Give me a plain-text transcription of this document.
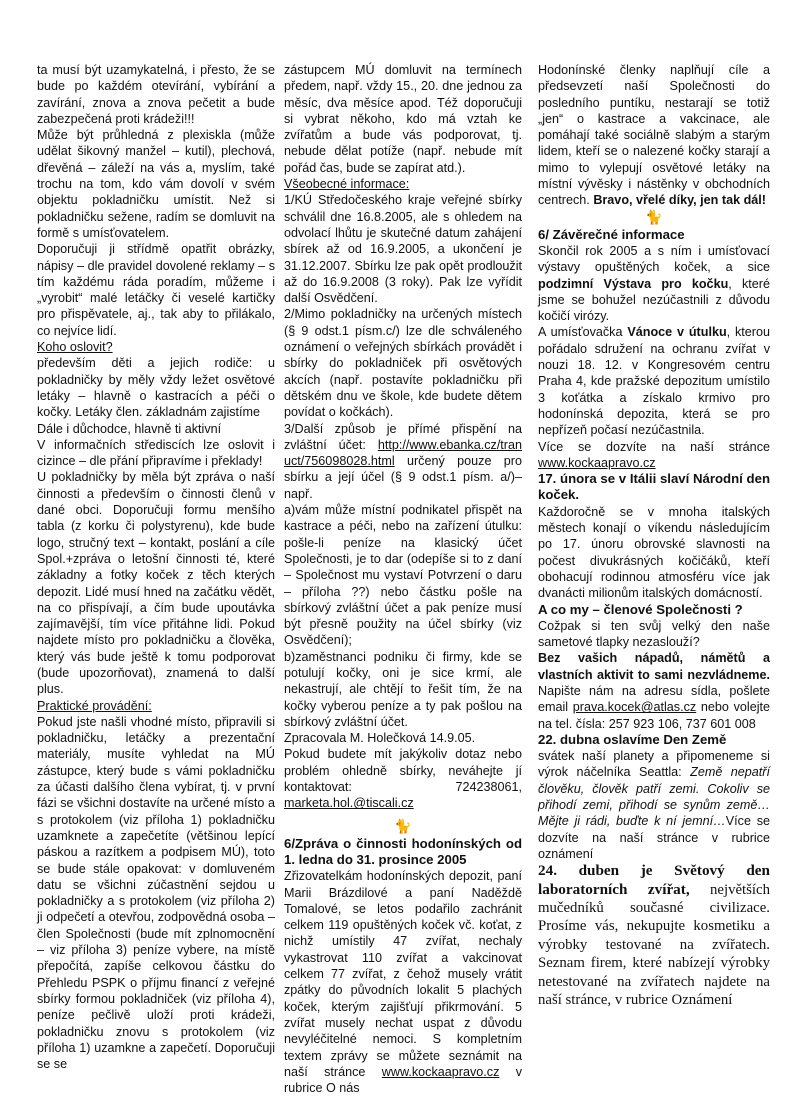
ta musí být uzamykatelná, i přesto, že se bude po každém otevírání, vybírání a zavírání, znova a znova pečetit a bude zabezpečená proti krádeži!!!

Může být průhledná z plexiskla (může udělat šikovný manžel – kutil), plechová, dřevěná – záleží na vás a, myslím, také trochu na tom, kdo vám dovolí v svém objektu pokladničku umístit. Než si pokladničku sežene, radím se domluvit na formě s umísťovatelem.

Doporučuji ji střídmě opatřit obrázky, nápisy – dle pravidel dovolené reklamy – s tím každému ráda poradím, můžeme i „vyrobit“ malé letáčky či veselé kartičky pro přispěvatele, aj., tak aby to přilákalo, co nejvíce lidí.

Koho oslovit?

především děti a jejich rodiče: u pokladničky by měly vždy ležet osvětové letáky – hlavně o kastracích a péči o kočky. Letáky člen. základnám zajistíme

Dále i důchodce, hlavně ti aktivní

V informačních střediscích lze oslovit i cizince – dle přání připravíme i překlady!

U pokladničky by měla být zpráva o naší činnosti a především o činnosti členů v dané obci. Doporučuji formu menšího tabla (z korku či polystyrenu), kde bude logo, stručný text – kontakt, poslání a cíle Spol.+zpráva o letošní činnosti té, které základny a fotky koček z těch kterých depozit. Lidé musí hned na začátku vědět, na co přispívají, a čím bude upoutávka zajímavější, tím více přitáhne lidi. Pokud najdete místo pro pokladničku a člověka, který vás bude ještě k tomu podporovat (bude upozorňovat), znamená to další plus.

Praktické provádění:

Pokud jste našli vhodné místo, připravili si pokladničku, letáčky a prezentační materiály, musíte vyhledat na MÚ zástupce, který bude s vámi pokladničku za účasti dalšího člena vybírat, tj. v první fázi se všichni dostavíte na určené místo a s protokolem (viz příloha 1) pokladničku uzamknete a zapečetíte (většinou lepící páskou a razítkem a podpisem MÚ), toto se bude stále opakovat: v domluveném datu se všichni zúčastnění sejdou u pokladničky a s protokolem (viz příloha 2) ji odpečetí a otevřou, zodpovědná osoba – člen Společnosti (bude mít zplnomocnění – viz příloha 3) peníze vybere, na místě přepočítá, zapíše celkovou částku do Přehledu PSPK o příjmu financí z veřejné sbírky formou pokladniček (viz příloha 4), peníze pečlivě uloží proti krádeži, pokladničku znovu s protokolem (viz příloha 1) uzamkne a zapečetí. Doporučuji se se

zástupcem MÚ domluvit na termínech předem, např. vždy 15., 20. dne jednou za měsíc, dva měsíce apod. Též doporučuji si vybrat někoho, kdo má vztah ke zvířatům a bude vás podporovat, tj. nebude dělat potíže (např. nebude mít pořád čas, bude se zapírat atd.).

Všeobecné informace:

1/KÚ Středočeského kraje veřejné sbírky schválil dne 16.8.2005, ale s ohledem na odvolací lhůtu je skutečné datum zahájení sbírek až od 16.9.2005, a ukončení je 31.12.2007. Sbírku lze pak opět prodloužit až do 16.9.2008 (3 roky). Pak lze vyřídit další Osvědčení.

2/Mimo pokladničky na určených místech (§ 9 odst.1 písm.c/) lze dle schváleného oznámení o veřejných sbírkách provádět i sbírky do pokladniček při osvětových akcích (např. postavíte pokladničku při dětském dnu ve škole, kde budete dětem povídat o kočkách).

3/Další způsob je přímé přispění na zvláštní účet: http://www.ebanka.cz/tran uct/756098028.html určený pouze pro sbírku a její účel (§ 9 odst.1 písm. a/)– např.

a)vám může místní podnikatel přispět na kastrace a péči, nebo na zařízení útulku: pošle-li peníze na klasický účet Společnosti, je to dar (odepíše si to z daní – Společnost mu vystaví Potvrzení o daru – příloha ??) nebo částku pošle na sbírkový zvláštní účet a pak peníze musí být přesně použity na účel sbírky (viz Osvědčení);

b)zaměstnanci podniku či firmy, kde se potulují kočky, oni je sice krmí, ale nekastrují, ale chtějí to řešit tím, že na kočky vyberou peníze a ty pak pošlou na sbírkový zvláštní účet.

Zpracovala M. Holečková 14.9.05.

Pokud budete mít jakýkoliv dotaz nebo problém ohledně sbírky, neváhejte jí kontaktovat: 724238061, marketa.hol.@tiscali.cz

🐈

6/Zpráva o činnosti hodonínských od 1. ledna do 31. prosince 2005

Zřizovatelkám hodonínských depozit, paní Marii Brázdilové a paní Naděždě Tomalové, se letos podařilo zachránit celkem 119 opuštěných koček vč. koťat, z nichž umístily 47 zvířat, nechaly vykastrovat 110 zvířat a vakcinovat celkem 77 zvířat, z čehož musely vrátit zpátky do původních lokalit 5 plachých koček, kterým zajišťují přikrmování. 5 zvířat musely nechat uspat z důvodu nevyléčitelné nemoci. S kompletním textem zprávy se můžete seznámit na naší stránce www.kockaapravo.cz v rubrice O nás

Hodonínské členky naplňují cíle a předsevzetí naší Společnosti do posledního puntíku, nestarají se totiž „jen“ o kastrace a vakcinace, ale pomáhají také sociálně slabým a starým lidem, kteří se o nalezené kočky starají a mimo to vylepují osvětové letáky na místní vývěsky i nástěnky v obchodních centrech. Bravo, vřelé díky, jen tak dál!

🐈

6/ Závěrečné informace

Skončil rok 2005 a s ním i umísťovací výstavy opuštěných koček, a sice podzimní Výstava pro kočku, které jsme se bohužel nezúčastnili z důvodu kočičí virózy.

A umísťovačka Vánoce v útulku, kterou pořádalo sdružení na ochranu zvířat v nouzi 18. 12. v Kongresovém centru Praha 4, kde pražské depozitum umístilo 3 koťátka a získalo krmivo pro hodonínská depozita, která se pro nepřízeň počasí nezúčastnila.

Více se dozvíte na naší stránce www.kockaapravo.cz

17. února se v Itálii slaví Národní den koček.

Každoročně se v mnoha italských městech konají o víkendu následujícím po 17. únoru obrovské slavnosti na počest divukrásných kočičáků, kteří obohacují rodinnou atmosféru více jak dvanácti milionům italských domácností.

A co my – členové Společnosti ?

Cožpak si ten svůj velký den naše sametové tlapky nezaslouží?

Bez vašich nápadů, námětů a vlastních aktivit to sami nezvládneme. Napište nám na adresu sídla, pošlete email prava.kocek@atlas.cz nebo volejte na tel. čísla: 257 923 106, 737 601 008

22. dubna oslavíme Den Země

svátek naší planety a připomeneme si výrok náčelníka Seattla: Země nepatří člověku, člověk patří zemi. Cokoliv se přihodí zemi, přihodí se synům země… Mějte ji rádi, buďte k ní jemní…Více se dozvíte na naší stránce v rubrice oznámení

24. duben je Světový den laboratorních zvířat, největších mučedníků současné civilizace. Prosíme vás, nekupujte kosmetiku a výrobky testované na zvířatech. Seznam firem, které nabízejí výrobky netestované na zvířatech najdete na naší stránce, v rubrice Oznámení
